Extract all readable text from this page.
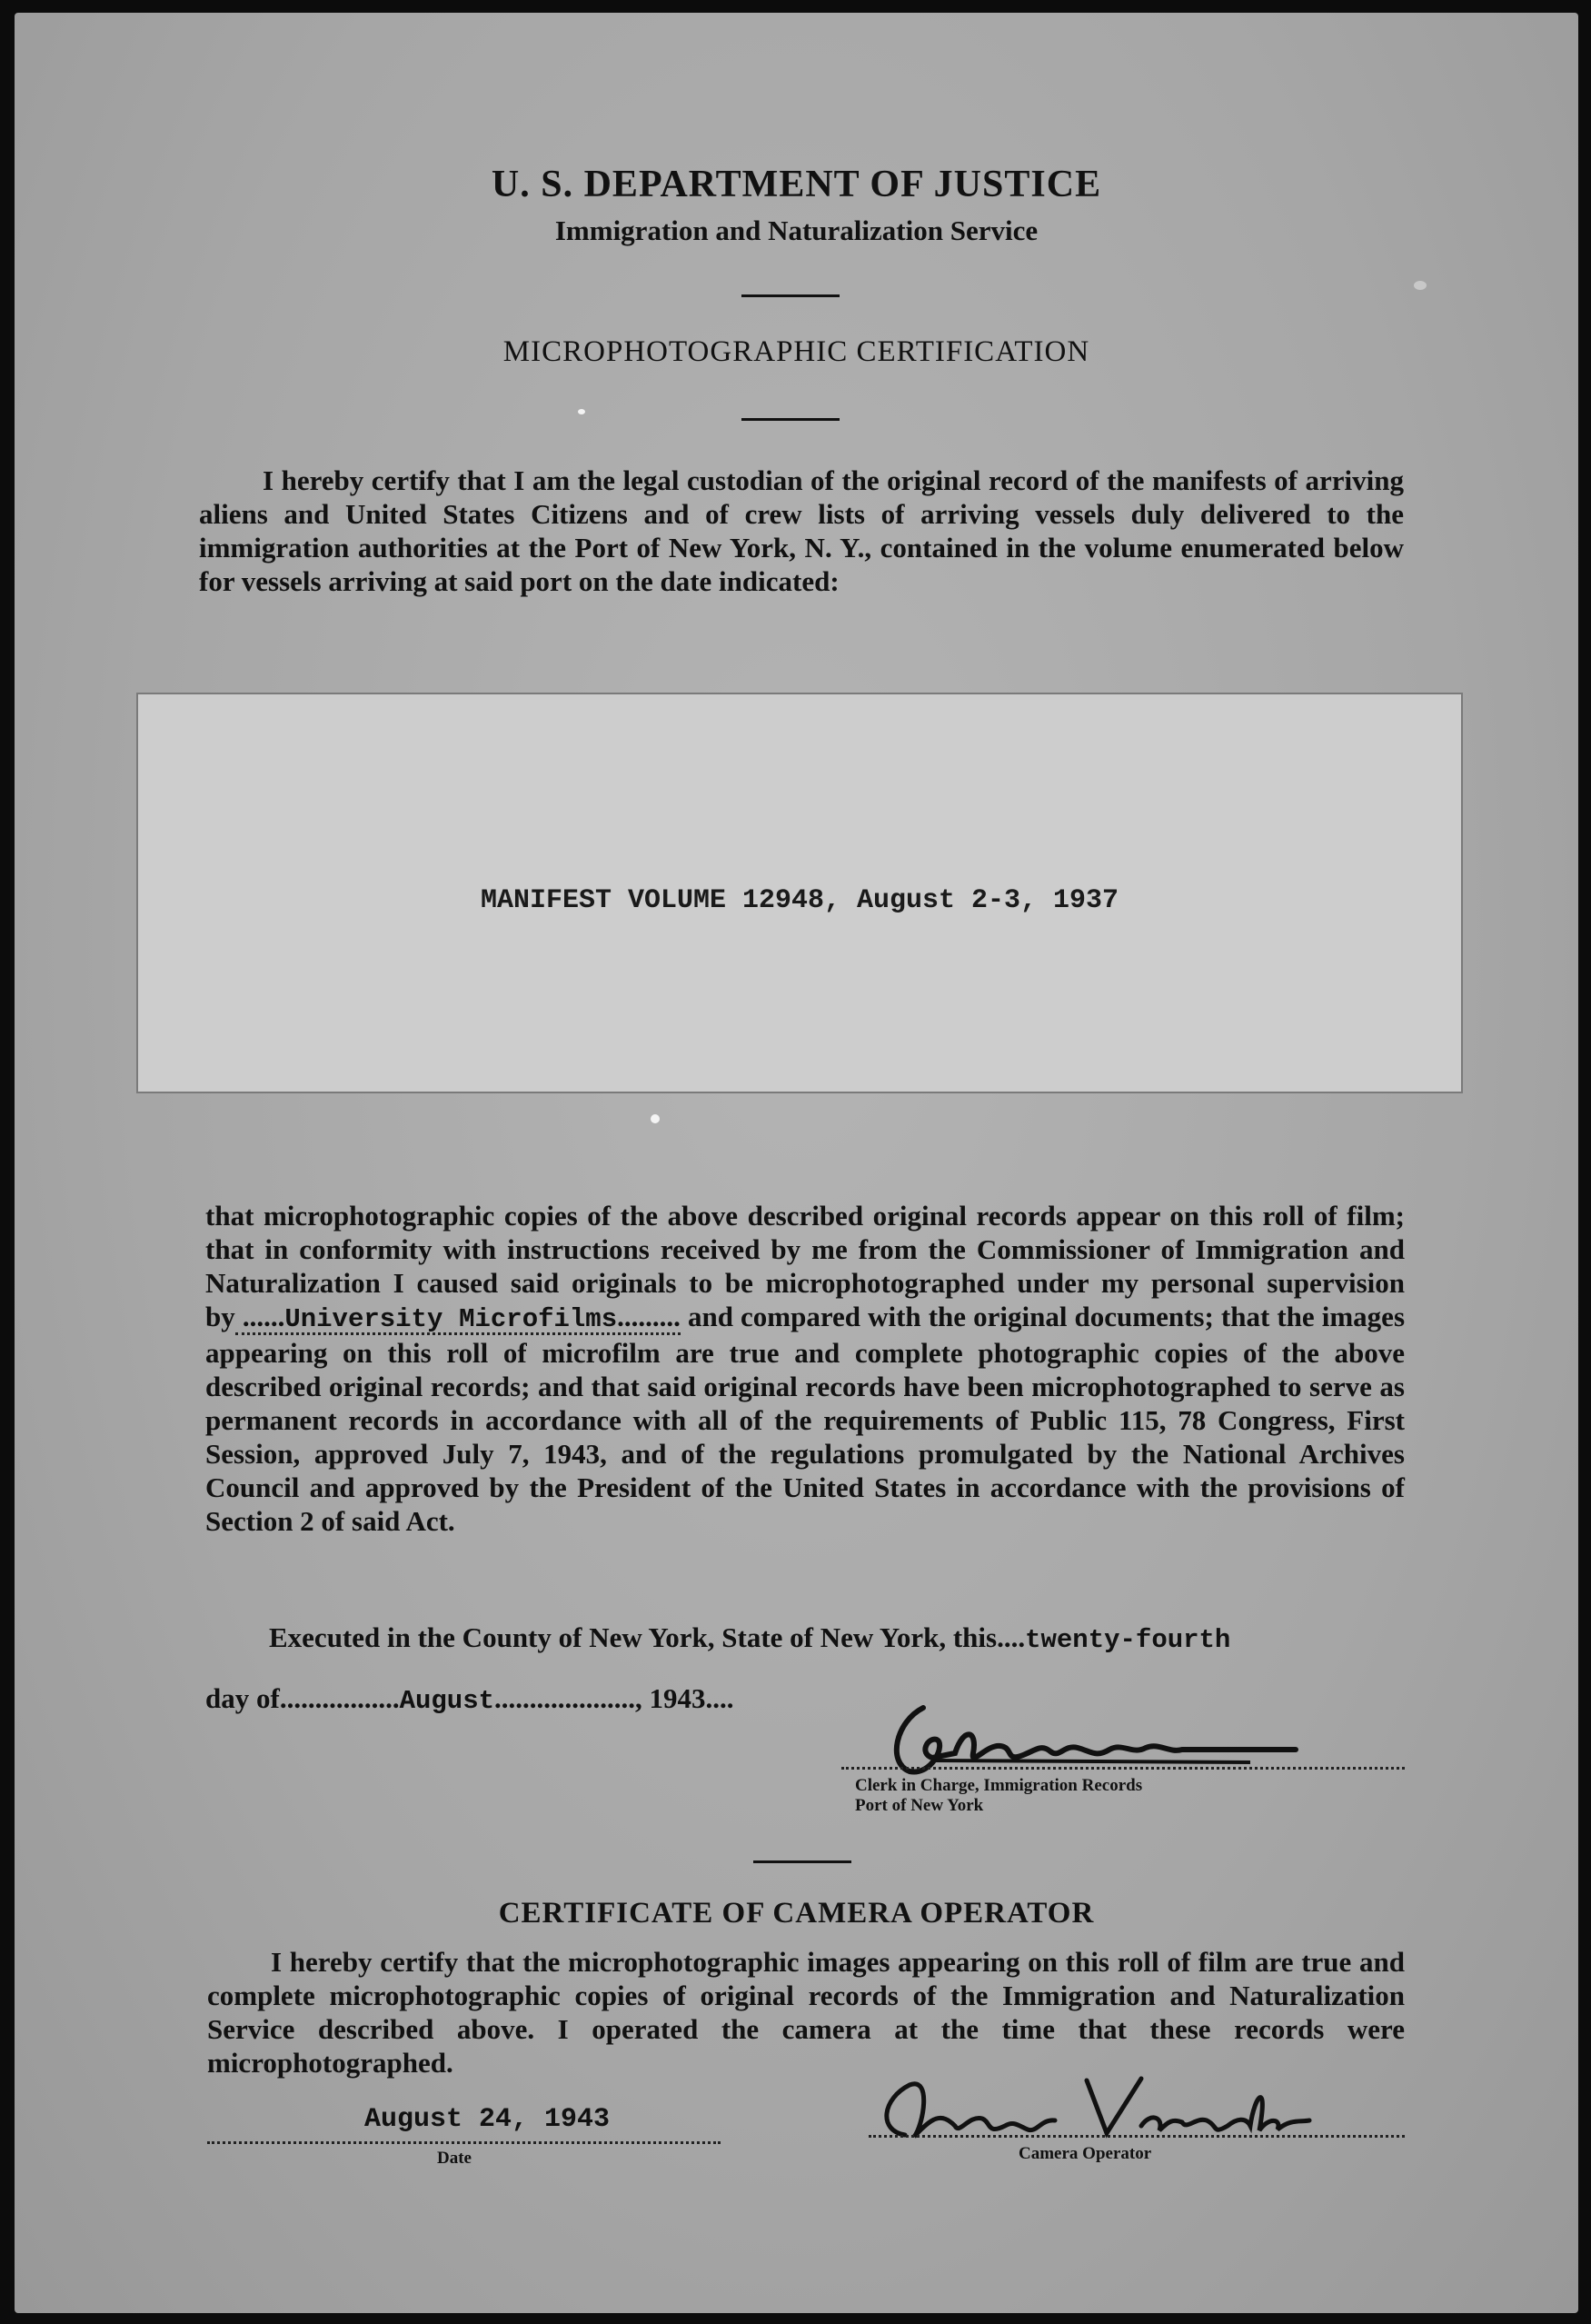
U. S. DEPARTMENT OF JUSTICE
Immigration and Naturalization Service
MICROPHOTOGRAPHIC CERTIFICATION

I hereby certify that I am the legal custodian of the original record of the manifests of arriving aliens and United States Citizens and of crew lists of arriving vessels duly delivered to the immigration authorities at the Port of New York, N. Y., contained in the volume enumerated below for vessels arriving at said port on the date indicated:

MANIFEST VOLUME 12948, August 2-3, 1937

that microphotographic copies of the above described original records appear on this roll of film; that in conformity with instructions received by me from the Commissioner of Immigration and Naturalization I caused said originals to be microphotographed under my personal supervision by ......University Microfilms......... and compared with the original documents; that the images appearing on this roll of microfilm are true and complete photographic copies of the above described original records; and that said original records have been microphotographed to serve as permanent records in accordance with all of the requirements of Public 115, 78 Congress, First Session, approved July 7, 1943, and of the regulations promulgated by the National Archives Council and approved by the President of the United States in accordance with the provisions of Section 2 of said Act.

Executed in the County of New York, State of New York, this....twenty-fourth
day of.................August...................., 1943....
Clerk in Charge, Immigration Records
Port of New York
CERTIFICATE OF CAMERA OPERATOR

I hereby certify that the microphotographic images appearing on this roll of film are true and complete microphotographic copies of original records of the Immigration and Naturalization Service described above. I operated the camera at the time that these records were microphotographed.

August 24, 1943
Date	Camera Operator
